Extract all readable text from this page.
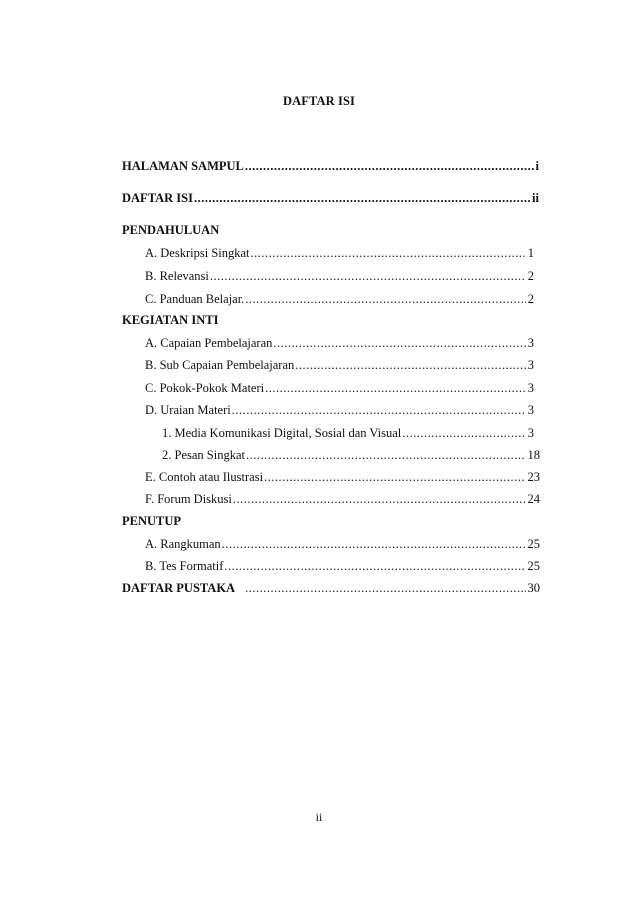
DAFTAR ISI
HALAMAN SAMPUL .....	i
DAFTAR ISI .....	ii
PENDAHULUAN
A. Deskripsi Singkat .....	1
B. Relevansi .....	2
C. Panduan Belajar. .....	2
KEGIATAN INTI
A. Capaian Pembelajaran .....	3
B. Sub Capaian Pembelajaran .....	3
C. Pokok-Pokok Materi .....	3
D. Uraian Materi .....	3
1. Media Komunikasi Digital, Sosial dan Visual .....	3
2. Pesan Singkat .....	18
E. Contoh atau Ilustrasi .....	23
F. Forum Diskusi .....	24
PENUTUP
A. Rangkuman .....	25
B. Tes Formatif .....	25
DAFTAR PUSTAKA .....	30
ii
